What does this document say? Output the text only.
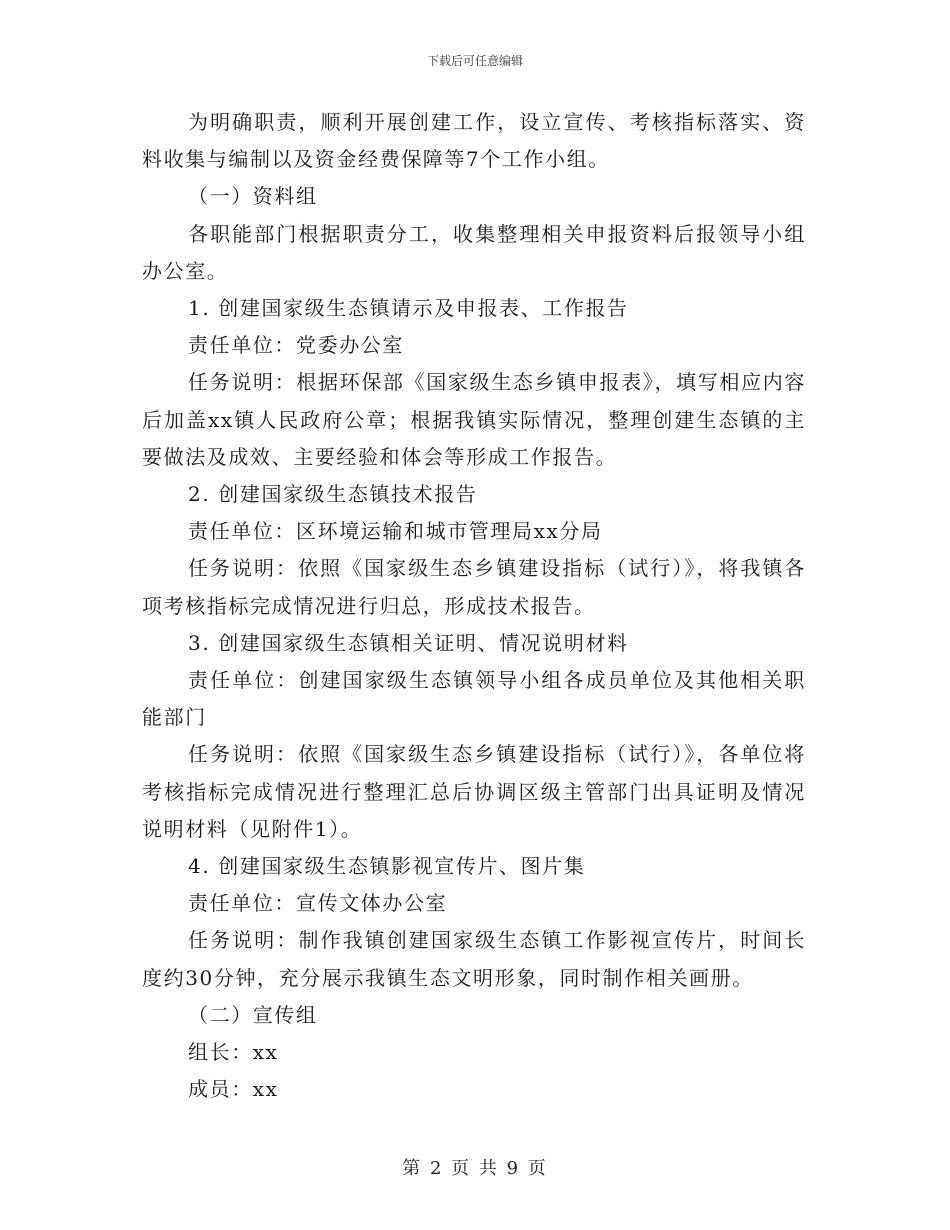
下载后可任意编辑

为明确职责，顺利开展创建工作，设立宣传、考核指标落实、资料收集与编制以及资金经费保障等7个工作小组。

（一）资料组

各职能部门根据职责分工，收集整理相关申报资料后报领导小组办公室。

1. 创建国家级生态镇请示及申报表、工作报告

责任单位：党委办公室

任务说明：根据环保部《国家级生态乡镇申报表》，填写相应内容后加盖xx镇人民政府公章；根据我镇实际情况，整理创建生态镇的主要做法及成效、主要经验和体会等形成工作报告。

2. 创建国家级生态镇技术报告

责任单位：区环境运输和城市管理局xx分局

任务说明：依照《国家级生态乡镇建设指标（试行）》，将我镇各项考核指标完成情况进行归总，形成技术报告。

3. 创建国家级生态镇相关证明、情况说明材料

责任单位：创建国家级生态镇领导小组各成员单位及其他相关职能部门

任务说明：依照《国家级生态乡镇建设指标（试行）》，各单位将考核指标完成情况进行整理汇总后协调区级主管部门出具证明及情况说明材料（见附件1）。

4. 创建国家级生态镇影视宣传片、图片集

责任单位：宣传文体办公室

任务说明：制作我镇创建国家级生态镇工作影视宣传片，时间长度约30分钟，充分展示我镇生态文明形象，同时制作相关画册。

（二）宣传组

组长：xx

成员：xx

第 2 页 共 9 页
